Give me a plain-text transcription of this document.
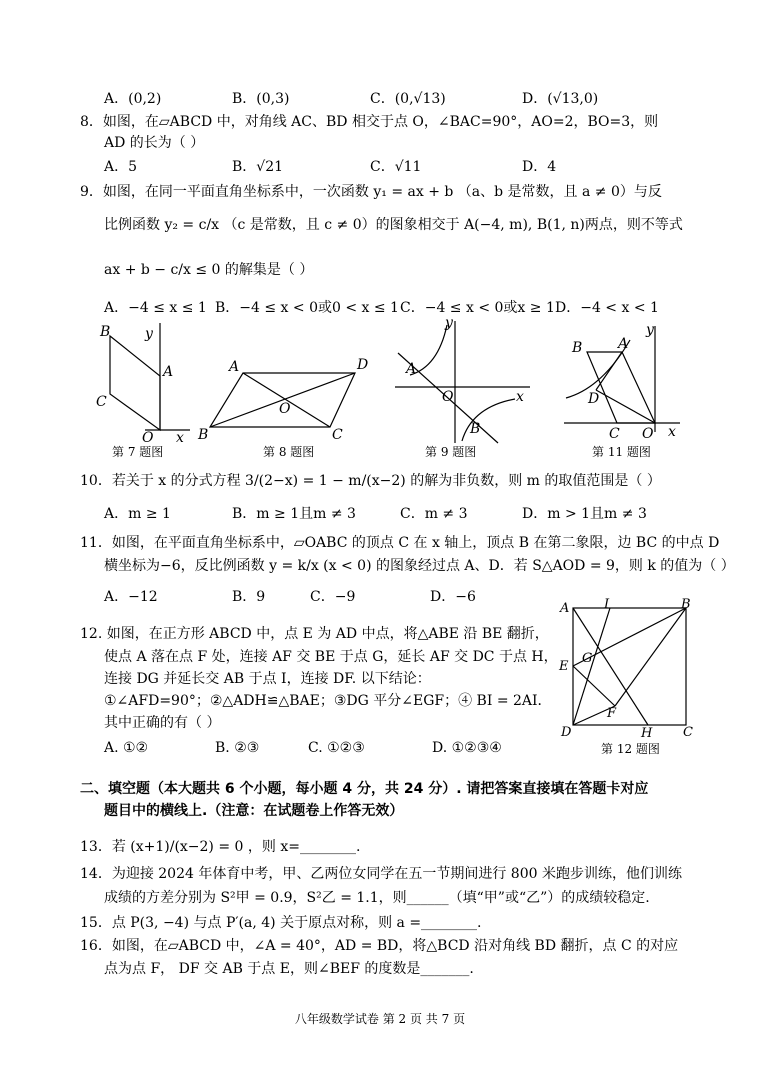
A．(0,2)	B．(0,3)	C．(0,√13)	D．(√13,0)
8．如图，在▱ABCD 中，对角线 AC、BD 相交于点 O，∠BAC=90°，AO=2，BO=3，则
AD 的长为（ ）
A．5	B．√21	C．√11	D．4
9．如图，在同一平面直角坐标系中，一次函数 y₁ = ax + b （a、b 是常数，且 a ≠ 0）与反
比例函数 y₂ = c/x （c 是常数，且 c ≠ 0）的图象相交于 A(−4, m), B(1, n)两点，则不等式
ax + b − c/x ≤ 0 的解集是（ ）
A．−4 ≤ x ≤ 1 B．−4 ≤ x < 0或0 < x ≤ 1 C．−4 ≤ x < 0或x ≥ 1 D．−4 < x < 1
B y
A
C
O x
第 7 题图
A	D
O
B	C
第 8 题图
y
A
O	x
B
第 9 题图
B	A
y
D
C O x
第 11 题图
10．若关于 x 的分式方程 3/(2−x) = 1 − m/(x−2) 的解为非负数，则 m 的取值范围是（ ）
A．m ≥ 1	B．m ≥ 1且m ≠ 3	C．m ≠ 3	D．m > 1且m ≠ 3
11．如图，在平面直角坐标系中，▱OABC 的顶点 C 在 x 轴上，顶点 B 在第二象限，边 BC 的中点 D
横坐标为−6，反比例函数 y = k/x (x < 0) 的图象经过点 A、D．若 S△AOD = 9，则 k 的值为（ ）
A．−12	B．9	C．−9	D．−6
12. 如图，在正方形 ABCD 中，点 E 为 AD 中点，将△ABE 沿 BE 翻折，
使点 A 落在点 F 处，连接 AF 交 BE 于点 G，延长 AF 交 DC 于点 H，
连接 DG 并延长交 AB 于点 I，连接 DF. 以下结论：
①∠AFD=90°；②△ADH≌△BAE；③DG 平分∠EGF；④ BI = 2AI．
其中正确的有（ ）
A. ①②	B. ②③	C. ①②③	D. ①②③④
A	I	B
E
G
F
D	H C
第 12 题图
二、填空题（本大题共 6 个小题，每小题 4 分，共 24 分）. 请把答案直接填在答题卡对应
题目中的横线上.（注意：在试题卷上作答无效）
13．若 (x+1)/(x−2) = 0 ，则 x=________.
14．为迎接 2024 年体育中考，甲、乙两位女同学在五一节期间进行 800 米跑步训练，他们训练
成绩的方差分别为 S²甲 = 0.9，S²乙 = 1.1，则______（填“甲”或“乙”）的成绩较稳定.
15．点 P(3, −4) 与点 P′(a, 4) 关于原点对称，则 a =________.
16．如图，在▱ABCD 中，∠A = 40°，AD = BD，将△BCD 沿对角线 BD 翻折，点 C 的对应
点为点 F， DF 交 AB 于点 E，则∠BEF 的度数是_______.
八年级数学试卷 第 2 页 共 7 页
